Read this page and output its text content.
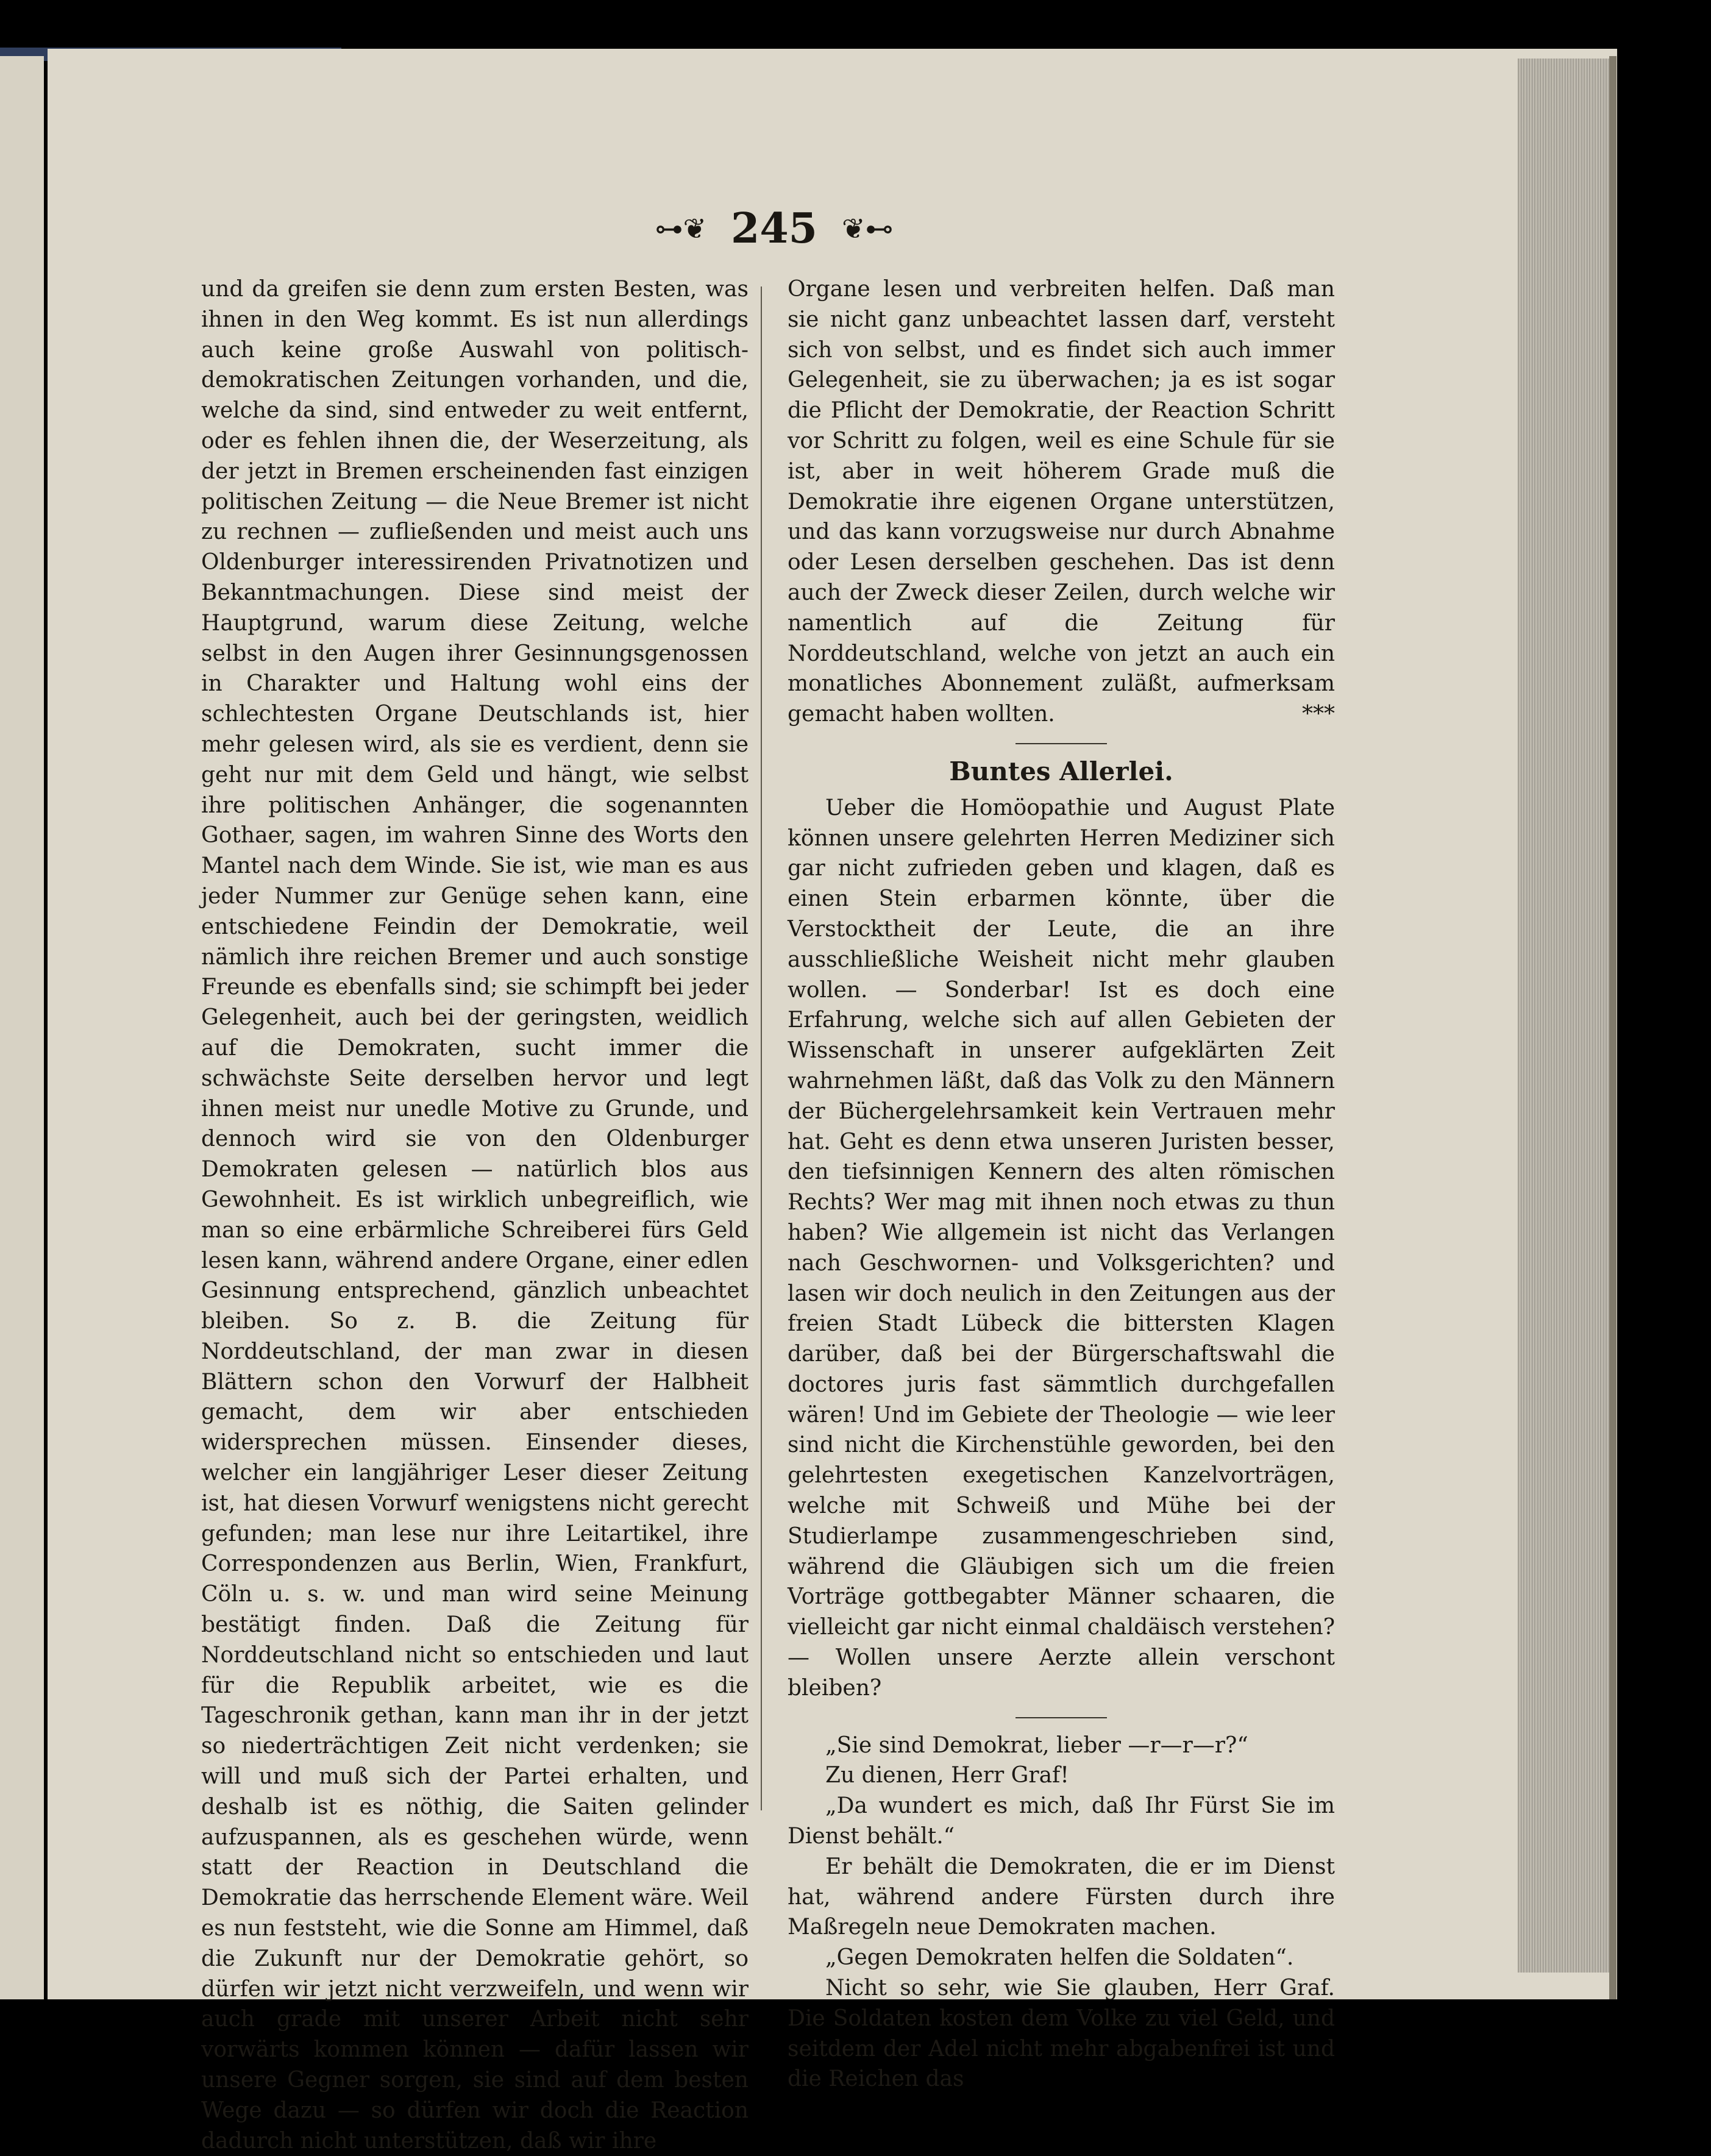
⊶❦ 245 ❦⊷

und da greifen sie denn zum ersten Besten, was ihnen in den Weg kommt. Es ist nun allerdings auch keine große Auswahl von politisch-demokratischen Zeitungen vorhanden, und die, welche da sind, sind entweder zu weit entfernt, oder es fehlen ihnen die, der Weserzeitung, als der jetzt in Bremen erscheinenden fast einzigen politischen Zeitung — die Neue Bremer ist nicht zu rechnen — zufließenden und meist auch uns Oldenburger interessirenden Privatnotizen und Bekanntmachungen. Diese sind meist der Hauptgrund, warum diese Zeitung, welche selbst in den Augen ihrer Gesinnungsgenossen in Charakter und Haltung wohl eins der schlechtesten Organe Deutschlands ist, hier mehr gelesen wird, als sie es verdient, denn sie geht nur mit dem Geld und hängt, wie selbst ihre politischen Anhänger, die sogenannten Gothaer, sagen, im wahren Sinne des Worts den Mantel nach dem Winde. Sie ist, wie man es aus jeder Nummer zur Genüge sehen kann, eine entschiedene Feindin der Demokratie, weil nämlich ihre reichen Bremer und auch sonstige Freunde es ebenfalls sind; sie schimpft bei jeder Gelegenheit, auch bei der geringsten, weidlich auf die Demokraten, sucht immer die schwächste Seite derselben hervor und legt ihnen meist nur unedle Motive zu Grunde, und dennoch wird sie von den Oldenburger Demokraten gelesen — natürlich blos aus Gewohnheit. Es ist wirklich unbegreiflich, wie man so eine erbärmliche Schreiberei fürs Geld lesen kann, während andere Organe, einer edlen Gesinnung entsprechend, gänzlich unbeachtet bleiben. So z. B. die Zeitung für Norddeutschland, der man zwar in diesen Blättern schon den Vorwurf der Halbheit gemacht, dem wir aber entschieden widersprechen müssen. Einsender dieses, welcher ein langjähriger Leser dieser Zeitung ist, hat diesen Vorwurf wenigstens nicht gerecht gefunden; man lese nur ihre Leitartikel, ihre Correspondenzen aus Berlin, Wien, Frankfurt, Cöln u. s. w. und man wird seine Meinung bestätigt finden. Daß die Zeitung für Norddeutschland nicht so entschieden und laut für die Republik arbeitet, wie es die Tageschronik gethan, kann man ihr in der jetzt so niederträchtigen Zeit nicht verdenken; sie will und muß sich der Partei erhalten, und deshalb ist es nöthig, die Saiten gelinder aufzuspannen, als es geschehen würde, wenn statt der Reaction in Deutschland die Demokratie das herrschende Element wäre. Weil es nun feststeht, wie die Sonne am Himmel, daß die Zukunft nur der Demokratie gehört, so dürfen wir jetzt nicht verzweifeln, und wenn wir auch grade mit unserer Arbeit nicht sehr vorwärts kommen können — dafür lassen wir unsere Gegner sorgen, sie sind auf dem besten Wege dazu — so dürfen wir doch die Reaction dadurch nicht unterstützen, daß wir ihre

Organe lesen und verbreiten helfen. Daß man sie nicht ganz unbeachtet lassen darf, versteht sich von selbst, und es findet sich auch immer Gelegenheit, sie zu überwachen; ja es ist sogar die Pflicht der Demokratie, der Reaction Schritt vor Schritt zu folgen, weil es eine Schule für sie ist, aber in weit höherem Grade muß die Demokratie ihre eigenen Organe unterstützen, und das kann vorzugsweise nur durch Abnahme oder Lesen derselben geschehen. Das ist denn auch der Zweck dieser Zeilen, durch welche wir namentlich auf die Zeitung für Norddeutschland, welche von jetzt an auch ein monatliches Abonnement zuläßt, aufmerksam gemacht haben wollten.	***

Buntes Allerlei.

Ueber die Homöopathie und August Plate können unsere gelehrten Herren Mediziner sich gar nicht zufrieden geben und klagen, daß es einen Stein erbarmen könnte, über die Verstocktheit der Leute, die an ihre ausschließliche Weisheit nicht mehr glauben wollen. — Sonderbar! Ist es doch eine Erfahrung, welche sich auf allen Gebieten der Wissenschaft in unserer aufgeklärten Zeit wahrnehmen läßt, daß das Volk zu den Männern der Büchergelehrsamkeit kein Vertrauen mehr hat. Geht es denn etwa unseren Juristen besser, den tiefsinnigen Kennern des alten römischen Rechts? Wer mag mit ihnen noch etwas zu thun haben? Wie allgemein ist nicht das Verlangen nach Geschwornen- und Volksgerichten? und lasen wir doch neulich in den Zeitungen aus der freien Stadt Lübeck die bittersten Klagen darüber, daß bei der Bürgerschaftswahl die doctores juris fast sämmtlich durchgefallen wären! Und im Gebiete der Theologie — wie leer sind nicht die Kirchenstühle geworden, bei den gelehrtesten exegetischen Kanzelvorträgen, welche mit Schweiß und Mühe bei der Studierlampe zusammengeschrieben sind, während die Gläubigen sich um die freien Vorträge gottbegabter Männer schaaren, die vielleicht gar nicht einmal chaldäisch verstehen? — Wollen unsere Aerzte allein verschont bleiben?

„Sie sind Demokrat, lieber —r—r—r?“

Zu dienen, Herr Graf!

„Da wundert es mich, daß Ihr Fürst Sie im Dienst behält.“

Er behält die Demokraten, die er im Dienst hat, während andere Fürsten durch ihre Maßregeln neue Demokraten machen.

„Gegen Demokraten helfen die Soldaten“.

Nicht so sehr, wie Sie glauben, Herr Graf. Die Soldaten kosten dem Volke zu viel Geld, und seitdem der Adel nicht mehr abgabenfrei ist und die Reichen das
